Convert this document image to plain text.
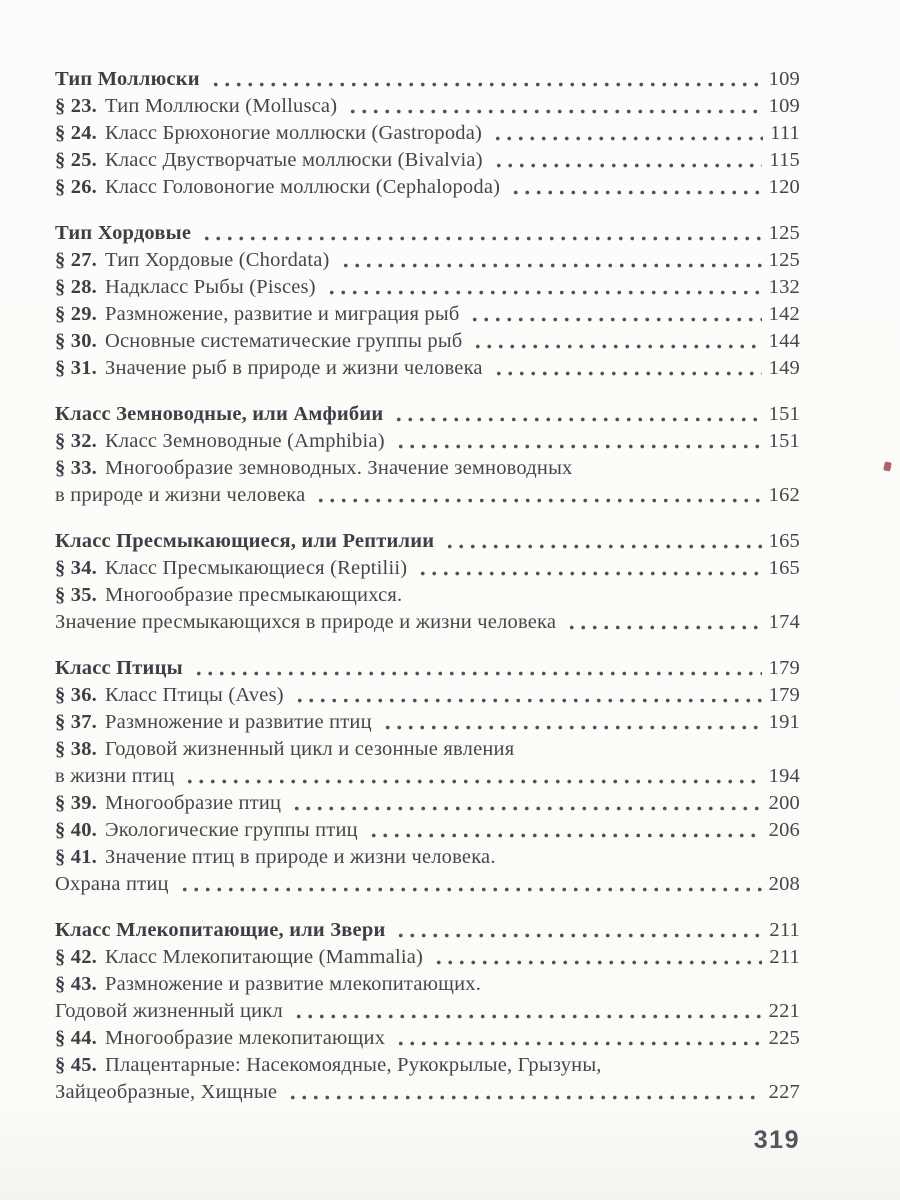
Тип Моллюски	109
§ 23. Тип Моллюски (Mollusca)	109
§ 24. Класс Брюхоногие моллюски (Gastropoda)	111
§ 25. Класс Двустворчатые моллюски (Bivalvia)	115
§ 26. Класс Головоногие моллюски (Cephalopoda)	120
Тип Хордовые	125
§ 27. Тип Хордовые (Chordata)	125
§ 28. Надкласс Рыбы (Pisces)	132
§ 29. Размножение, развитие и миграция рыб	142
§ 30. Основные систематические группы рыб	144
§ 31. Значение рыб в природе и жизни человека	149
Класс Земноводные, или Амфибии	151
§ 32. Класс Земноводные (Amphibia)	151
§ 33. Многообразие земноводных. Значение земноводных
в природе и жизни человека	162
Класс Пресмыкающиеся, или Рептилии	165
§ 34. Класс Пресмыкающиеся (Reptilii)	165
§ 35. Многообразие пресмыкающихся.
Значение пресмыкающихся в природе и жизни человека	174
Класс Птицы	179
§ 36. Класс Птицы (Aves)	179
§ 37. Размножение и развитие птиц	191
§ 38. Годовой жизненный цикл и сезонные явления
в жизни птиц	194
§ 39. Многообразие птиц	200
§ 40. Экологические группы птиц	206
§ 41. Значение птиц в природе и жизни человека.
Охрана птиц	208
Класс Млекопитающие, или Звери	211
§ 42. Класс Млекопитающие (Mammalia)	211
§ 43. Размножение и развитие млекопитающих.
Годовой жизненный цикл	221
§ 44. Многообразие млекопитающих	225
§ 45. Плацентарные: Насекомоядные, Рукокрылые, Грызуны,
Зайцеобразные, Хищные	227
319
